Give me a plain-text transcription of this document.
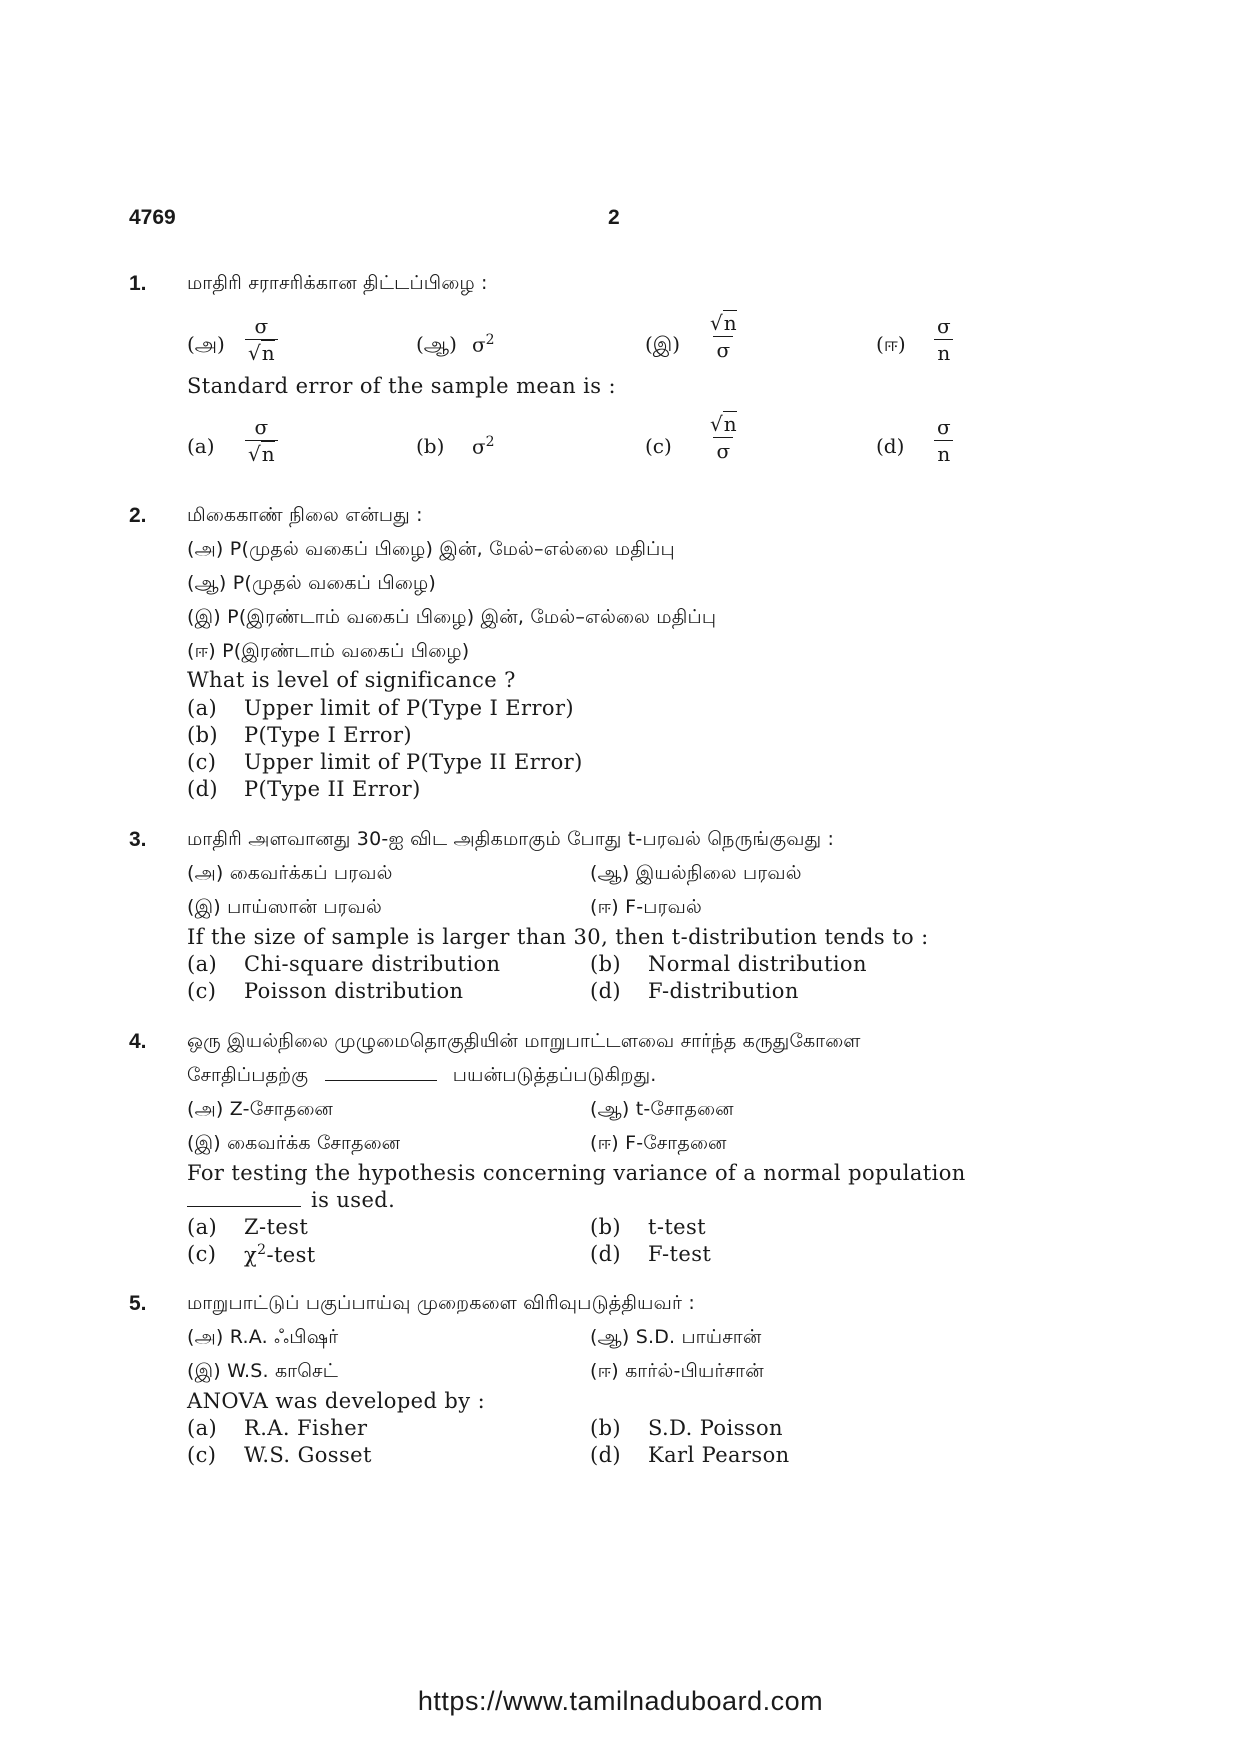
4769	2
1. மாதிரி சராசரிக்கான திட்டப்பிழை :
(அ) $\frac{\sigma}{√n}$	(ஆ) $\sigma^2$	(இ) $\frac{√n}{\sigma}$	(ஈ) $\frac{\sigma}{n}$
Standard error of the sample mean is :
$(a) \frac{\sigma}{√n}$	(b) $\sigma^2$	$(c) \frac{√n}{\sigma}$	$(d) \frac{\sigma}{n}$
2. மிகைகாண் நிலை என்பது :
(அ) P(முதல் வகைப் பிழை) இன், மேல்–எல்லை மதிப்பு
(ஆ) P(முதல் வகைப் பிழை)
(இ) P(இரண்டாம் வகைப் பிழை) இன், மேல்–எல்லை மதிப்பு
(ஈ) P(இரண்டாம் வகைப் பிழை)
What is level of significance ?
(a) Upper limit of P(Type I Error)
(b) P(Type I Error)
(c) Upper limit of P(Type II Error)
(d) P(Type II Error)
3. மாதிரி அளவானது 30-ஐ விட அதிகமாகும் போது t-பரவல் நெருங்குவது :
(அ) கைவர்க்கப் பரவல்	(ஆ) இயல்நிலை பரவல்
(இ) பாய்ஸான் பரவல்	(ஈ) F-பரவல்
If the size of sample is larger than 30, then t-distribution tends to :
(a) Chi-square distribution	(b) Normal distribution
(c) Poisson distribution	(d) F-distribution
4. ஒரு இயல்நிலை முழுமைதொகுதியின் மாறுபாட்டளவை சார்ந்த கருதுகோளை
சோதிப்பதற்கு	பயன்படுத்தப்படுகிறது.
(அ) Z-சோதனை	(ஆ) t-சோதனை
(இ) கைவர்க்க சோதனை	(ஈ) F-சோதனை
For testing the hypothesis concerning variance of a normal population
is used.
(a) Z-test	(b) t-test
(c) $\chi^2$-test	(d) F-test
5. மாறுபாட்டுப் பகுப்பாய்வு முறைகளை விரிவுபடுத்தியவர் :
(அ) R.A. ஃபிஷர்	(ஆ) S.D. பாய்சான்
(இ) W.S. காசெட்	(ஈ) கார்ல்-பியர்சான்
ANOVA was developed by :
(a) R.A. Fisher	(b) S.D. Poisson
(c) W.S. Gosset	(d) Karl Pearson
https://www.tamilnaduboard.com
